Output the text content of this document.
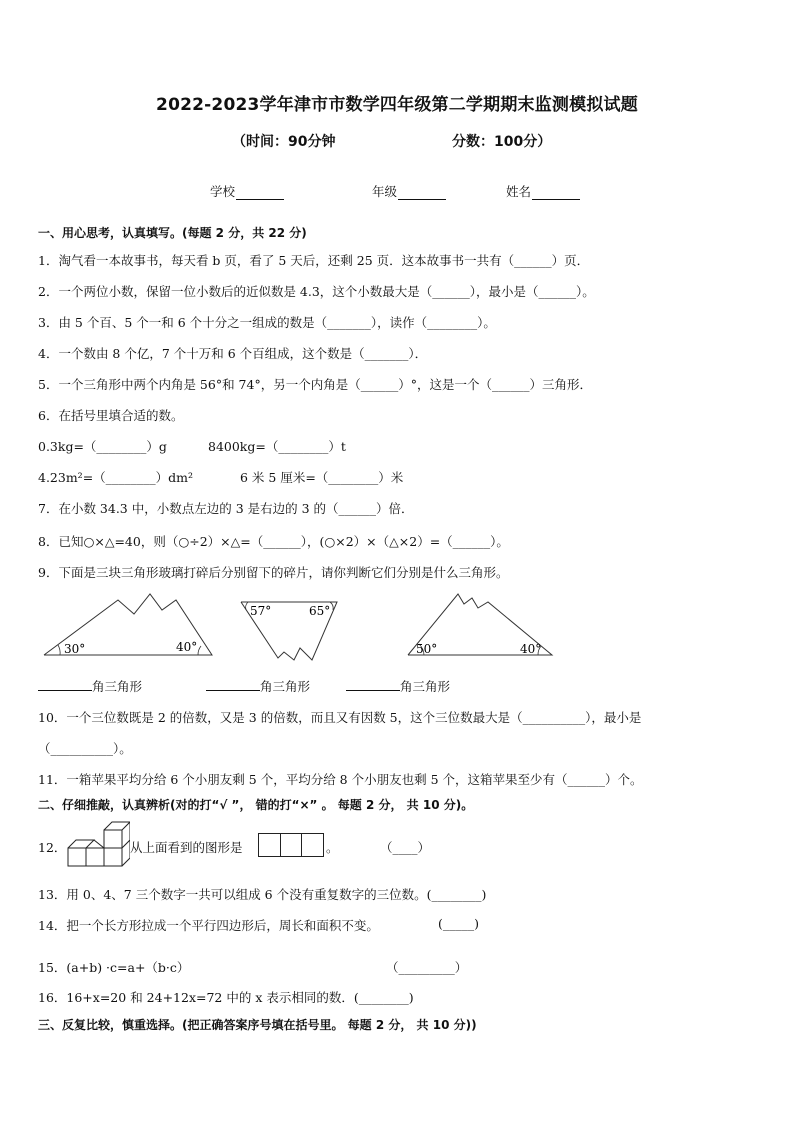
2022-2023学年津市市数学四年级第二学期期末监测模拟试题
（时间：90分钟	分数：100分）
学校	年级	姓名
一、用心思考，认真填写。(每题 2 分，共 22 分)
1．淘气看一本故事书，每天看 b 页，看了 5 天后，还剩 25 页．这本故事书一共有（______）页．
2．一个两位小数，保留一位小数后的近似数是 4.3，这个小数最大是（______），最小是（______）。
3．由 5 个百、5 个一和 6 个十分之一组成的数是（_______），读作（________）。
4．一个数由 8 个亿，7 个十万和 6 个百组成，这个数是（_______）．
5．一个三角形中两个内角是 56°和 74°，另一个内角是（______）°，这是一个（______）三角形．
6．在括号里填合适的数。
0.3kg=（________）g	8400kg=（________）t
4.23m²=（________）dm²	6 米 5 厘米=（________）米
7．在小数 34.3 中，小数点左边的 3 是右边的 3 的（______）倍．
8．已知○×△=40，则（○÷2）×△=（______），(○×2）×（△×2）=（______）。
9．下面是三块三角形玻璃打碎后分别留下的碎片，请你判断它们分别是什么三角形。
30°	40°
57°	65°
50°	40°
角三角形	角三角形	角三角形
10．一个三位数既是 2 的倍数，又是 3 的倍数，而且又有因数 5，这个三位数最大是（__________），最小是
（__________）。
11．一箱苹果平均分给 6 个小朋友剩 5 个，平均分给 8 个小朋友也剩 5 个，这箱苹果至少有（______）个。
二、仔细推敲，认真辨析(对的打“√ ”， 错的打“×” 。 每题 2 分， 共 10 分)。
12．	从上面看到的图形是	。	（____）
13．用 0、4、7 三个数字一共可以组成 6 个没有重复数字的三位数。(________)
14．把一个长方形拉成一个平行四边形后，周长和面积不变。	(_____)
15．(a+b) ·c=a+（b·c）	（_________）
16．16+x=20 和 24+12x=72 中的 x 表示相同的数．(________)
三、反复比较，慎重选择。(把正确答案序号填在括号里。 每题 2 分， 共 10 分))
